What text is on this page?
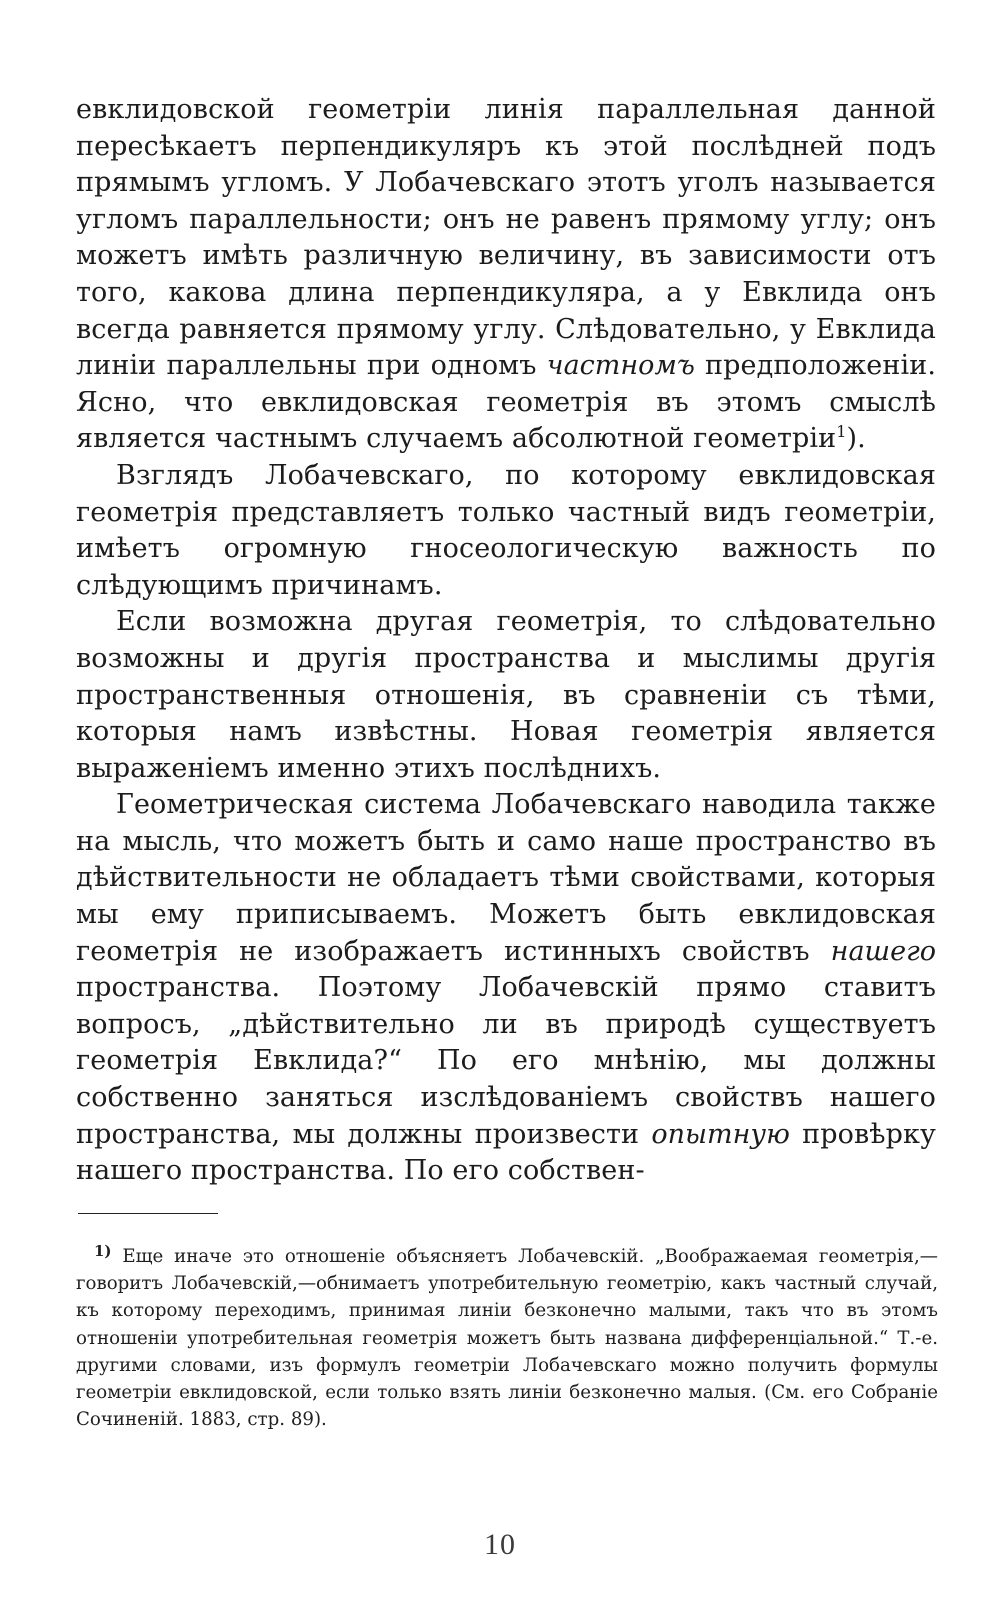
евклидовской геометріи линія параллельная данной пересѣкаетъ перпендикуляръ къ этой послѣдней подъ прямымъ угломъ. У Лобачевскаго этотъ уголъ называется угломъ параллельности; онъ не равенъ прямому углу; онъ можетъ имѣть различную величину, въ зависимости отъ того, какова длина перпендикуляра, а у Евклида онъ всегда равняется прямому углу. Слѣдовательно, у Евклида линіи параллельны при одномъ частномъ предположеніи. Ясно, что евклидовская геометрія въ этомъ смыслѣ является частнымъ случаемъ абсолютной геометріи$^1$).

Взглядъ Лобачевскаго, по которому евклидовская геометрія представляетъ только частный видъ геометріи, имѣетъ огромную гносеологическую важность по слѣдующимъ причинамъ.

Если возможна другая геометрія, то слѣдовательно возможны и другія пространства и мыслимы другія пространственныя отношенія, въ сравненіи съ тѣми, которыя намъ извѣстны. Новая геометрія является выраженіемъ именно этихъ послѣднихъ.

Геометрическая система Лобачевскаго наводила также на мысль, что можетъ быть и само наше пространство въ дѣйствительности не обладаетъ тѣми свойствами, которыя мы ему приписываемъ. Можетъ быть евклидовская геометрія не изображаетъ истинныхъ свойствъ нашего пространства. Поэтому Лобачевскій прямо ставитъ вопросъ, „дѣйствительно ли въ природѣ существуетъ геометрія Евклида?“ По его мнѣнію, мы должны собственно заняться изслѣдованіемъ свойствъ нашего пространства, мы должны произвести опытную провѣрку нашего пространства. По его собствен-

$^{1)}$ Еще иначе это отношеніе объясняетъ Лобачевскій. „Воображаемая геометрія,—говоритъ Лобачевскій,—обнимаетъ употребительную геометрію, какъ частный случай, къ которому переходимъ, принимая линіи безконечно малыми, такъ что въ этомъ отношеніи употребительная геометрія можетъ быть названа дифференціальной.“ Т.-е. другими словами, изъ формулъ геометріи Лобачевскаго можно получить формулы геометріи евклидовской, если только взять линіи безконечно малыя. (См. его Собраніе Сочиненій. 1883, стр. 89).

10
